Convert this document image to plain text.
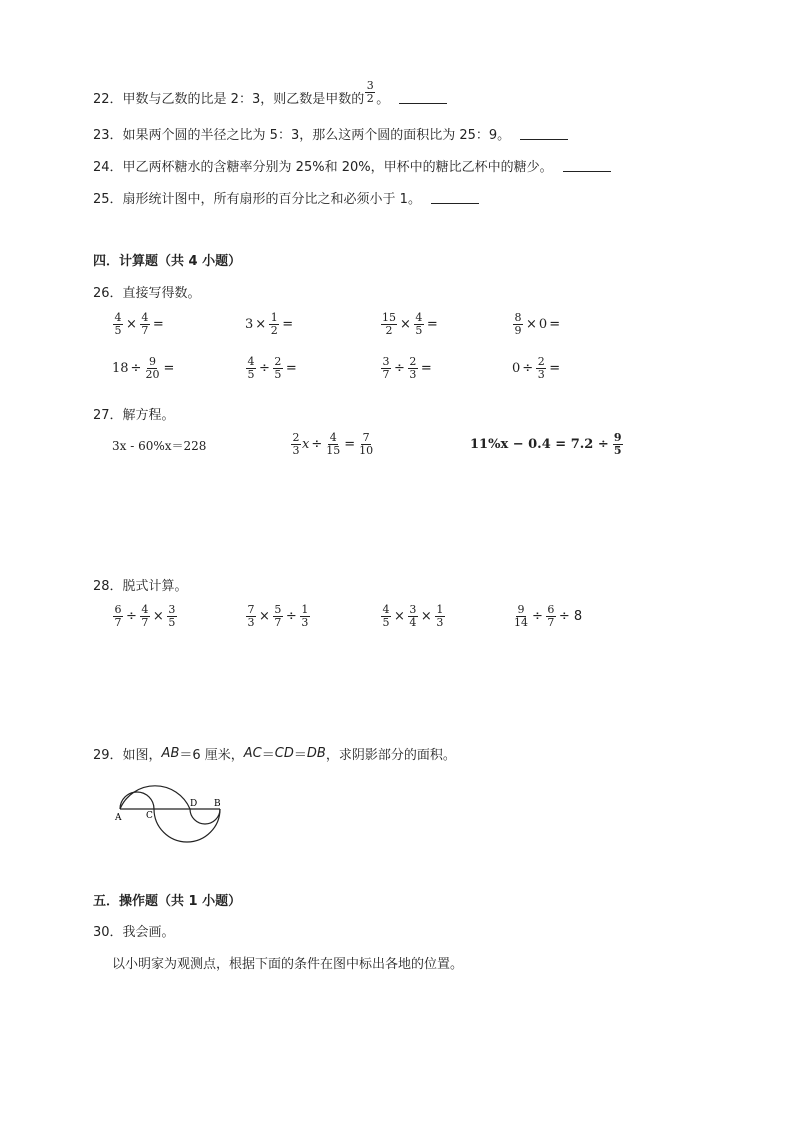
22．甲数与乙数的比是 2：3，则乙数是甲数的 $\frac{3}{2}$ 。
23．如果两个圆的半径之比为 5：3，那么这两个圆的面积比为 25：9。
24．甲乙两杯糖水的含糖率分别为 25%和 20%，甲杯中的糖比乙杯中的糖少。
25．扇形统计图中，所有扇形的百分比之和必须小于 1。
四．计算题（共 4 小题）
26．直接写得数。
$\frac{4}{5} \times \frac{4}{7}$ =	$3 \times \frac{1}{2}$ =	$\frac{15}{2} \times \frac{4}{5}$ =	$\frac{8}{9} \times 0$ =
$18 \div \frac{9}{20}$ =	$\frac{4}{5} \div \frac{2}{5}$ =	$\frac{3}{7} \div \frac{2}{3}$ =	$0 \div \frac{2}{3}$ =
27．解方程。
3x - 60%x＝228	$\frac{2}{3}$ $x \div \frac{4}{15} = \frac{7}{10}$	$11\%x - 0.4 = 7.2 \div \frac{9}{5}$
28．脱式计算。
$\frac{6}{7} \div \frac{4}{7} \times \frac{3}{5}$	$\frac{7}{3} \times \frac{5}{7} \div \frac{1}{3}$	$\frac{4}{5} \times \frac{3}{4} \times \frac{1}{3}$	$\frac{9}{14} \div \frac{6}{7} \div 8$
29．如图， AB ＝6 厘米， AC ＝ CD ＝ DB ，求阴影部分的面积。
A	C
D B
五．操作题（共 1 小题）
30．我会画。
以小明家为观测点，根据下面的条件在图中标出各地的位置。
